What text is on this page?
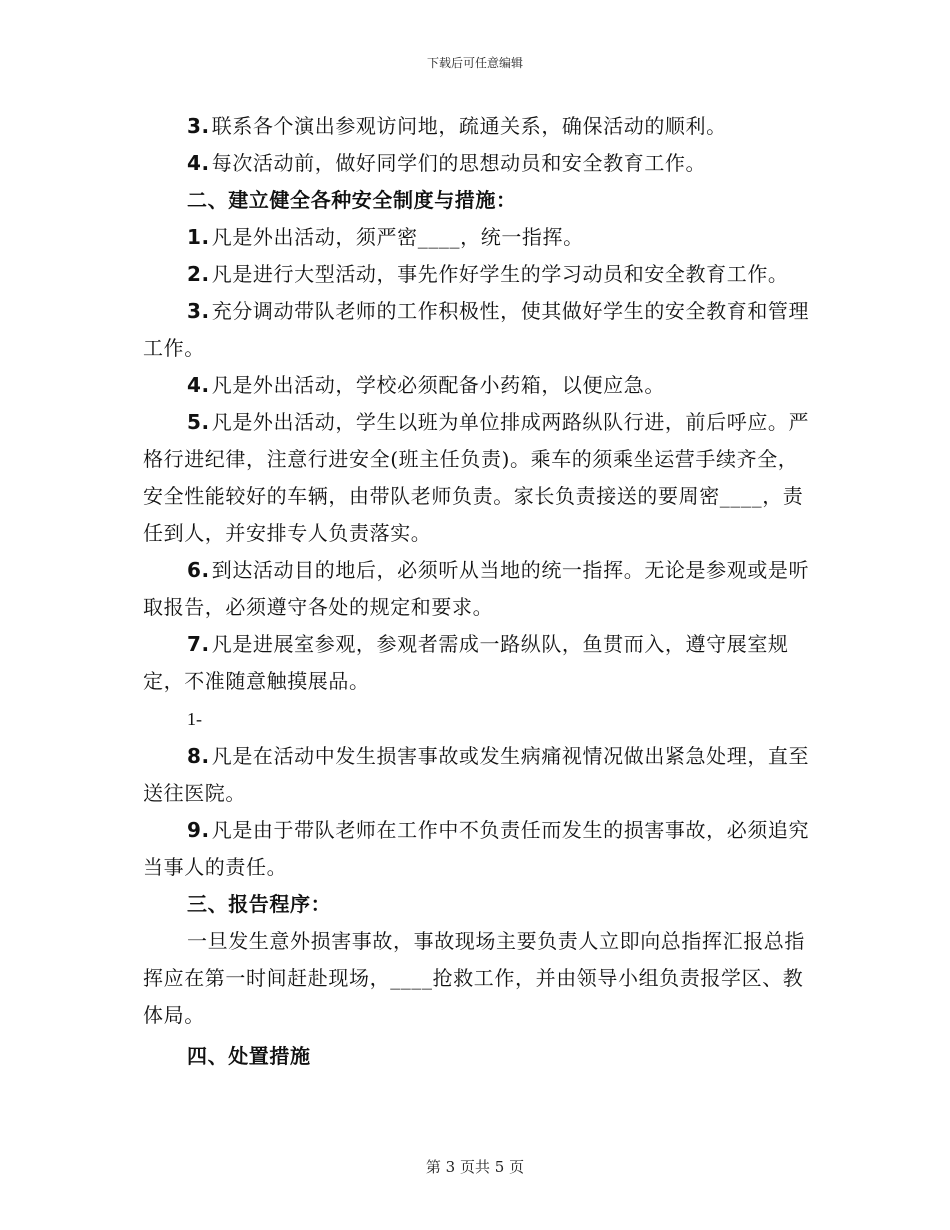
下载后可任意编辑

3. 联系各个演出参观访问地，疏通关系，确保活动的顺利。

4. 每次活动前，做好同学们的思想动员和安全教育工作。

二、建立健全各种安全制度与措施：

1. 凡是外出活动，须严密____，统一指挥。

2. 凡是进行大型活动，事先作好学生的学习动员和安全教育工作。

3. 充分调动带队老师的工作积极性，使其做好学生的安全教育和管理工作。

4. 凡是外出活动，学校必须配备小药箱，以便应急。

5. 凡是外出活动，学生以班为单位排成两路纵队行进，前后呼应。严格行进纪律，注意行进安全(班主任负责)。乘车的须乘坐运营手续齐全，安全性能较好的车辆，由带队老师负责。家长负责接送的要周密____，责任到人，并安排专人负责落实。

6. 到达活动目的地后，必须听从当地的统一指挥。无论是参观或是听取报告，必须遵守各处的规定和要求。

7. 凡是进展室参观，参观者需成一路纵队，鱼贯而入，遵守展室规定，不准随意触摸展品。

1-

8. 凡是在活动中发生损害事故或发生病痛视情况做出紧急处理，直至送往医院。

9. 凡是由于带队老师在工作中不负责任而发生的损害事故，必须追究当事人的责任。

三、报告程序：

一旦发生意外损害事故，事故现场主要负责人立即向总指挥汇报总指挥应在第一时间赶赴现场，____抢救工作，并由领导小组负责报学区、教体局。

四、处置措施

第 3 页共 5 页
